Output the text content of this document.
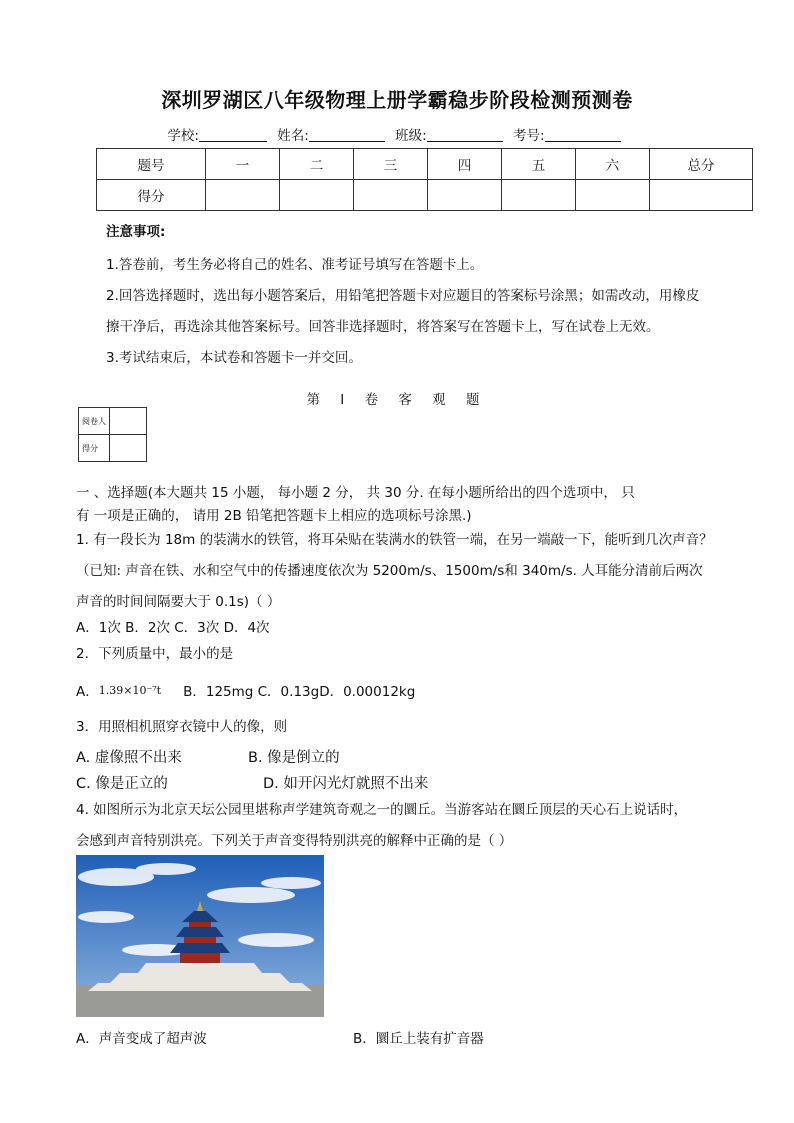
深圳罗湖区八年级物理上册学霸稳步阶段检测预测卷
学校:	姓名:	班级:	考号:
题号	一	二	三	四	五	六	总分
得分							
注意事项:
1.答卷前，考生务必将自己的姓名、准考证号填写在答题卡上。
2.回答选择题时，选出每小题答案后，用铅笔把答题卡对应题目的答案标号涂黑；如需改动，用橡皮
擦干净后，再选涂其他答案标号。回答非选择题时，将答案写在答题卡上，写在试卷上无效。
3.考试结束后，本试卷和答题卡一并交回。
第 I 卷 客 观 题
阅卷人	
得分	
一 、选择题(本大题共 15 小题， 每小题 2 分， 共 30 分. 在每小题所给出的四个选项中， 只
有 一项是正确的， 请用 2B 铅笔把答题卡上相应的选项标号涂黑.)
1. 有一段长为 18m 的装满水的铁管，将耳朵贴在装满水的铁管一端，在另一端敲一下，能听到几次声音？
（已知: 声音在铁、水和空气中的传播速度依次为 5200m/s、1500m/s和 340m/s. 人耳能分清前后两次
声音的时间间隔要大于 0.1s)（ ）
A．1次 B．2次 C．3次 D．4次
2．下列质量中，最小的是
A．1.39×10⁻⁷t B．125mg C．0.13gD．0.00012kg
3．用照相机照穿衣镜中人的像，则
A. 虚像照不出来	B. 像是倒立的
C. 像是正立的	D. 如开闪光灯就照不出来
4. 如图所示为北京天坛公园里堪称声学建筑奇观之一的圜丘。当游客站在圜丘顶层的天心石上说话时，
会感到声音特别洪亮。下列关于声音变得特别洪亮的解释中正确的是（ ）
A．声音变成了超声波	B．圜丘上装有扩音器
